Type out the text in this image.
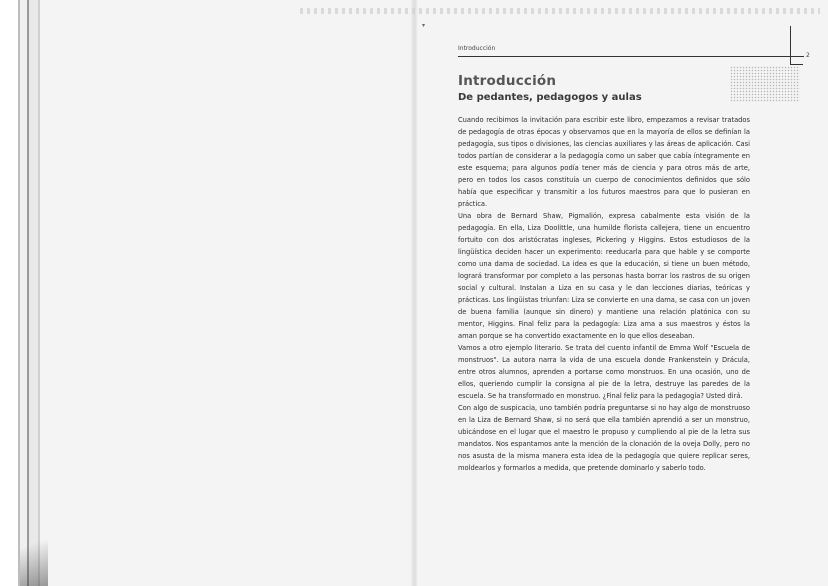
▾
Introducción
2
Introducción
De pedantes, pedagogos y aulas

Cuando recibimos la invitación para escribir este libro, empezamos a revisar tratados de pedagogía de otras épocas y observamos que en la mayoría de ellos se definían la pedagogía, sus tipos o divisiones, las ciencias auxiliares y las áreas de aplicación. Casi todos partían de considerar a la pedagogía como un saber que cabía íntegramente en este esquema; para algunos podía tener más de ciencia y para otros más de arte, pero en todos los casos constituía un cuerpo de conocimientos definidos que sólo había que especificar y transmitir a los futuros maestros para que lo pusieran en práctica.

Una obra de Bernard Shaw, Pigmalión, expresa cabalmente esta visión de la pedagogía. En ella, Liza Doolittle, una humilde florista callejera, tiene un encuentro fortuito con dos aristócratas ingleses, Pickering y Higgins. Estos estudiosos de la lingüística deciden hacer un experimento: reeducarla para que hable y se comporte como una dama de sociedad. La idea es que la educación, si tiene un buen método, logrará transformar por completo a las personas hasta borrar los rastros de su origen social y cultural. Instalan a Liza en su casa y le dan lecciones diarias, teóricas y prácticas. Los lingüistas triunfan: Liza se convierte en una dama, se casa con un joven de buena familia (aunque sin dinero) y mantiene una relación platónica con su mentor, Higgins. Final feliz para la pedagogía: Liza ama a sus maestros y éstos la aman porque se ha convertido exactamente en lo que ellos deseaban.

Vamos a otro ejemplo literario. Se trata del cuento infantil de Emma Wolf "Escuela de monstruos". La autora narra la vida de una escuela donde Frankenstein y Drácula, entre otros alumnos, aprenden a portarse como monstruos. En una ocasión, uno de ellos, queriendo cumplir la consigna al pie de la letra, destruye las paredes de la escuela. Se ha transformado en monstruo. ¿Final feliz para la pedagogía? Usted dirá.

Con algo de suspicacia, uno también podría preguntarse si no hay algo de monstruoso en la Liza de Bernard Shaw, si no será que ella también aprendió a ser un monstruo, ubicándose en el lugar que el maestro le propuso y cumpliendo al pie de la letra sus mandatos. Nos espantamos ante la mención de la clonación de la oveja Dolly, pero no nos asusta de la misma manera esta idea de la pedagogía que quiere replicar seres, moldearlos y formarlos a medida, que pretende dominarlo y saberlo todo.
